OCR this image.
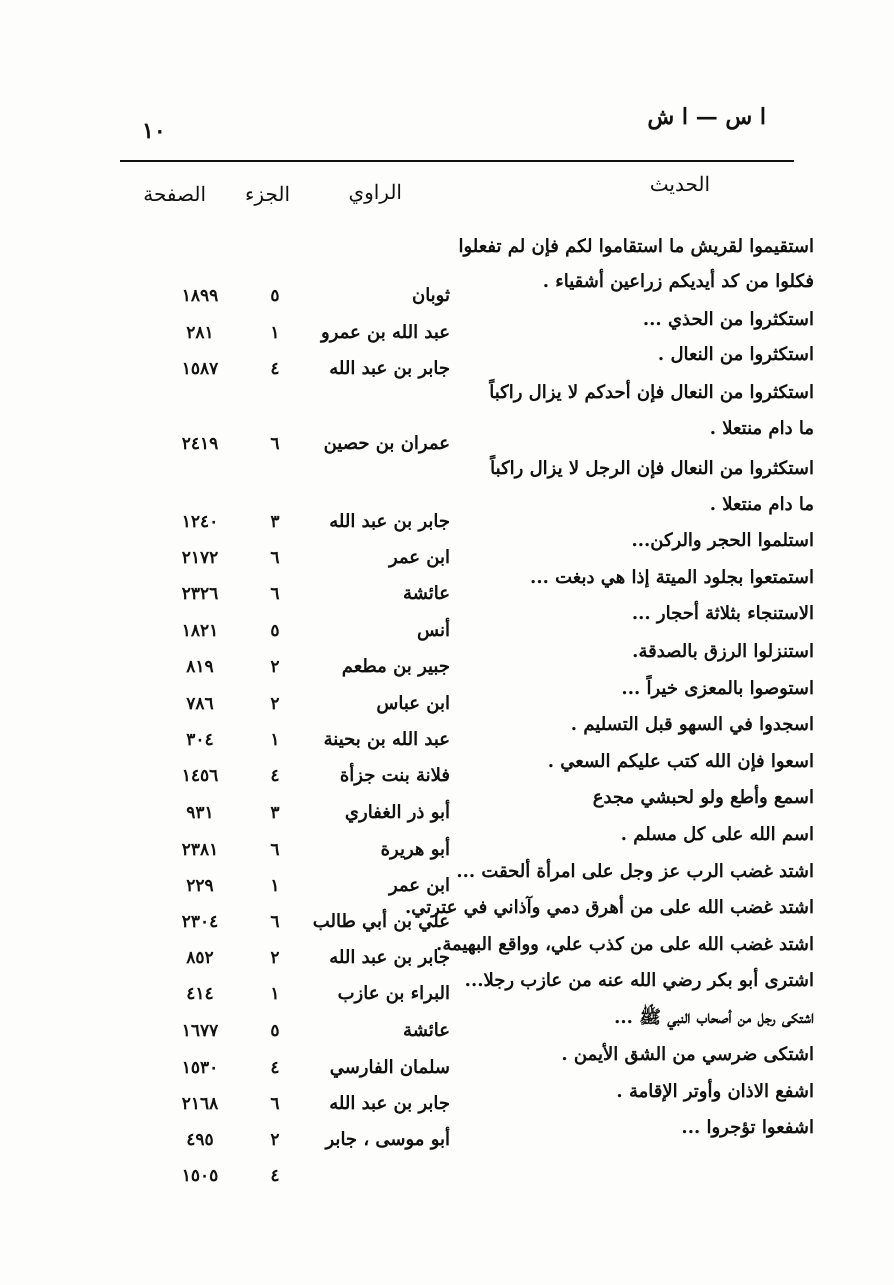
١٠
ا س — ا ش
الحديث
الراوي
الجزء
الصفحة
استقيموا لقريش ما استقاموا لكم فإن لم تفعلوا
فكلوا من كد أيديكم زراعين أشقياء .
استكثروا من الحذي ...
استكثروا من النعال .
استكثروا من النعال فإن أحدكم لا يزال راكباً
ما دام منتعلا .
استكثروا من النعال فإن الرجل لا يزال راكباً
ما دام منتعلا .
استلموا الحجر والركن...
استمتعوا بجلود الميتة إذا هي دبغت ...
الاستنجاء بثلاثة أحجار ...
استنزلوا الرزق بالصدقة.
استوصوا بالمعزى خيراً ...
اسجدوا في السهو قبل التسليم .
اسعوا فإن الله كتب عليكم السعي .
اسمع وأطع ولو لحبشي مجدع
اسم الله على كل مسلم .
اشتد غضب الرب عز وجل على امرأة ألحقت ...
اشتد غضب الله على من أهرق دمي وآذاني في عترتي.
اشتد غضب الله على من كذب علي، وواقع البهيمة.
اشترى أبو بكر رضي الله عنه من عازب رجلا...
اشتكى رجل من أصحاب النبي ﷺ ...
اشتكى ضرسي من الشق الأيمن .
اشفع الاذان وأوتر الإقامة .
اشفعوا تؤجروا ...
ثوبان
٥
١٨٩٩
عبد الله بن عمرو
١
٢٨١
جابر بن عبد الله
٤
١٥٨٧
عمران بن حصين
٦
٢٤١٩
جابر بن عبد الله
٣
١٢٤٠
ابن عمر
٦
٢١٧٢
عائشة
٦
٢٣٢٦
أنس
٥
١٨٢١
جبير بن مطعم
٢
٨١٩
ابن عباس
٢
٧٨٦
عبد الله بن بحينة
١
٣٠٤
فلانة بنت جزأة
٤
١٤٥٦
أبو ذر الغفاري
٣
٩٣١
أبو هريرة
٦
٢٣٨١
ابن عمر
١
٢٢٩
علي بن أبي طالب
٦
٢٣٠٤
جابر بن عبد الله
٢
٨٥٢
البراء بن عازب
١
٤١٤
عائشة
٥
١٦٧٧
سلمان الفارسي
٤
١٥٣٠
جابر بن عبد الله
٦
٢١٦٨
أبو موسى ، جابر
٢
٤٩٥
٤
١٥٠٥
